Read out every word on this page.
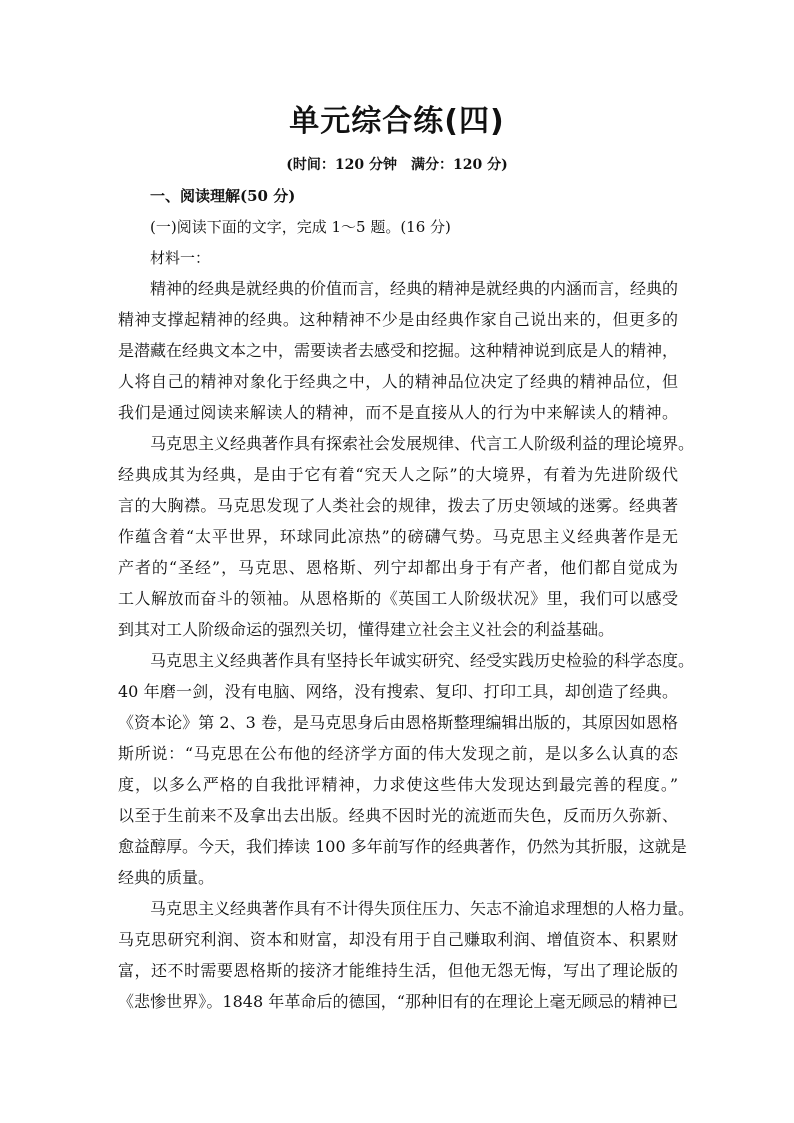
单元综合练(四)
(时间：120 分钟　满分：120 分)
一、阅读理解(50 分)
(一)阅读下面的文字，完成 1～5 题。(16 分)
材料一：
精神的经典是就经典的价值而言，经典的精神是就经典的内涵而言，经典的
精神支撑起精神的经典。这种精神不少是由经典作家自己说出来的，但更多的
是潜藏在经典文本之中，需要读者去感受和挖掘。这种精神说到底是人的精神，
人将自己的精神对象化于经典之中，人的精神品位决定了经典的精神品位，但
我们是通过阅读来解读人的精神，而不是直接从人的行为中来解读人的精神。
马克思主义经典著作具有探索社会发展规律、代言工人阶级利益的理论境界。
经典成其为经典，是由于它有着“究天人之际”的大境界，有着为先进阶级代
言的大胸襟。马克思发现了人类社会的规律，拨去了历史领域的迷雾。经典著
作蕴含着“太平世界，环球同此凉热”的磅礴气势。马克思主义经典著作是无
产者的“圣经”，马克思、恩格斯、列宁却都出身于有产者，他们都自觉成为
工人解放而奋斗的领袖。从恩格斯的《英国工人阶级状况》里，我们可以感受
到其对工人阶级命运的强烈关切，懂得建立社会主义社会的利益基础。
马克思主义经典著作具有坚持长年诚实研究、经受实践历史检验的科学态度。
40 年磨一剑，没有电脑、网络，没有搜索、复印、打印工具，却创造了经典。
《资本论》第 2、3 卷，是马克思身后由恩格斯整理编辑出版的，其原因如恩格
斯所说：“马克思在公布他的经济学方面的伟大发现之前，是以多么认真的态
度，以多么严格的自我批评精神，力求使这些伟大发现达到最完善的程度。”
以至于生前来不及拿出去出版。经典不因时光的流逝而失色，反而历久弥新、
愈益醇厚。今天，我们捧读 100 多年前写作的经典著作，仍然为其折服，这就是
经典的质量。
马克思主义经典著作具有不计得失顶住压力、矢志不渝追求理想的人格力量。
马克思研究利润、资本和财富，却没有用于自己赚取利润、增值资本、积累财
富，还不时需要恩格斯的接济才能维持生活，但他无怨无悔，写出了理论版的
《悲惨世界》。1848 年革命后的德国，“那种旧有的在理论上毫无顾忌的精神已
